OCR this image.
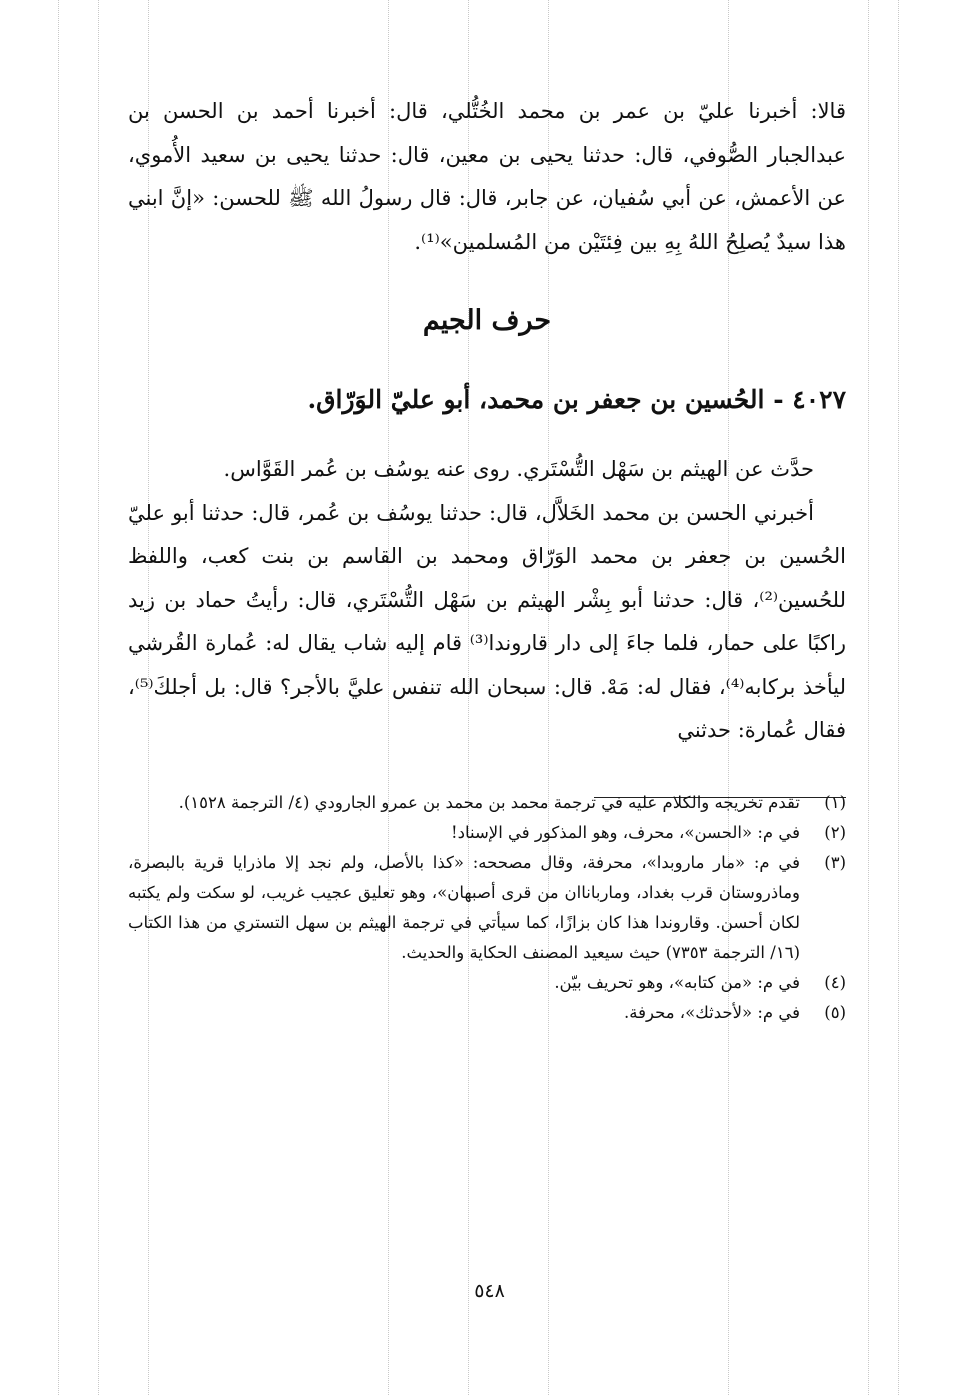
قالا: أخبرنا عليّ بن عمر بن محمد الخُتُّلي، قال: أخبرنا أحمد بن الحسن بن عبدالجبار الصُّوفي، قال: حدثنا يحيى بن معين، قال: حدثنا يحيى بن سعيد الأُموي، عن الأعمش، عن أبي سُفيان، عن جابر، قال: قال رسولُ الله ﷺ للحسن: «إنَّ ابني هذا سيدٌ يُصلِحُ اللهُ بِهِ بين فِئتَيْن من المُسلمين»⁽¹⁾.

حرف الجيم
٤٠٢٧ - الحُسين بن جعفر بن محمد، أبو عليّ الوَرّاق.

حدَّث عن الهيثم بن سَهْل التُّسْتَري. روى عنه يوسُف بن عُمر القَوَّاس.

أخبرني الحسن بن محمد الخَلاَّل، قال: حدثنا يوسُف بن عُمر، قال: حدثنا أبو عليّ الحُسين بن جعفر بن محمد الوَرّاق ومحمد بن القاسم بن بنت كعب، واللفظ للحُسين⁽²⁾، قال: حدثنا أبو بِشْر الهيثم بن سَهْل التُّسْتَري، قال: رأيتُ حماد بن زيد راكبًا على حمار، فلما جاءَ إلى دار قاروندا⁽³⁾ قام إليه شاب يقال له: عُمارة القُرشي ليأخذ بركابه⁽⁴⁾، فقال له: مَهْ. قال: سبحان الله تنفس عليَّ بالأجر؟ قال: بل أجلكَ⁽⁵⁾، فقال عُمارة: حدثني

(١)
تقدم تخريجه والكلام عليه في ترجمة محمد بن محمد بن عمرو الجارودي (٤/ الترجمة ١٥٢٨).
(٢)
في م: «الحسن»، محرف، وهو المذكور في الإسناد!
(٣)
في م: «مار ماروبدا»، محرفة، وقال مصححه: «كذا بالأصل، ولم نجد إلا ماذرايا قرية بالبصرة، وماذروستان قرب بغداد، ومارباناان من قرى أصبهان»، وهو تعليق عجيب غريب، لو سكت ولم يكتبه لكان أحسن. وقاروندا هذا كان بزازًا، كما سيأتي في ترجمة الهيثم بن سهل التستري من هذا الكتاب (١٦/ الترجمة ٧٣٥٣) حيث سيعيد المصنف الحكاية والحديث.
(٤)
في م: «من كتابه»، وهو تحريف بيّن.
(٥)
في م: «لأحدثك»، محرفة.
٥٤٨
